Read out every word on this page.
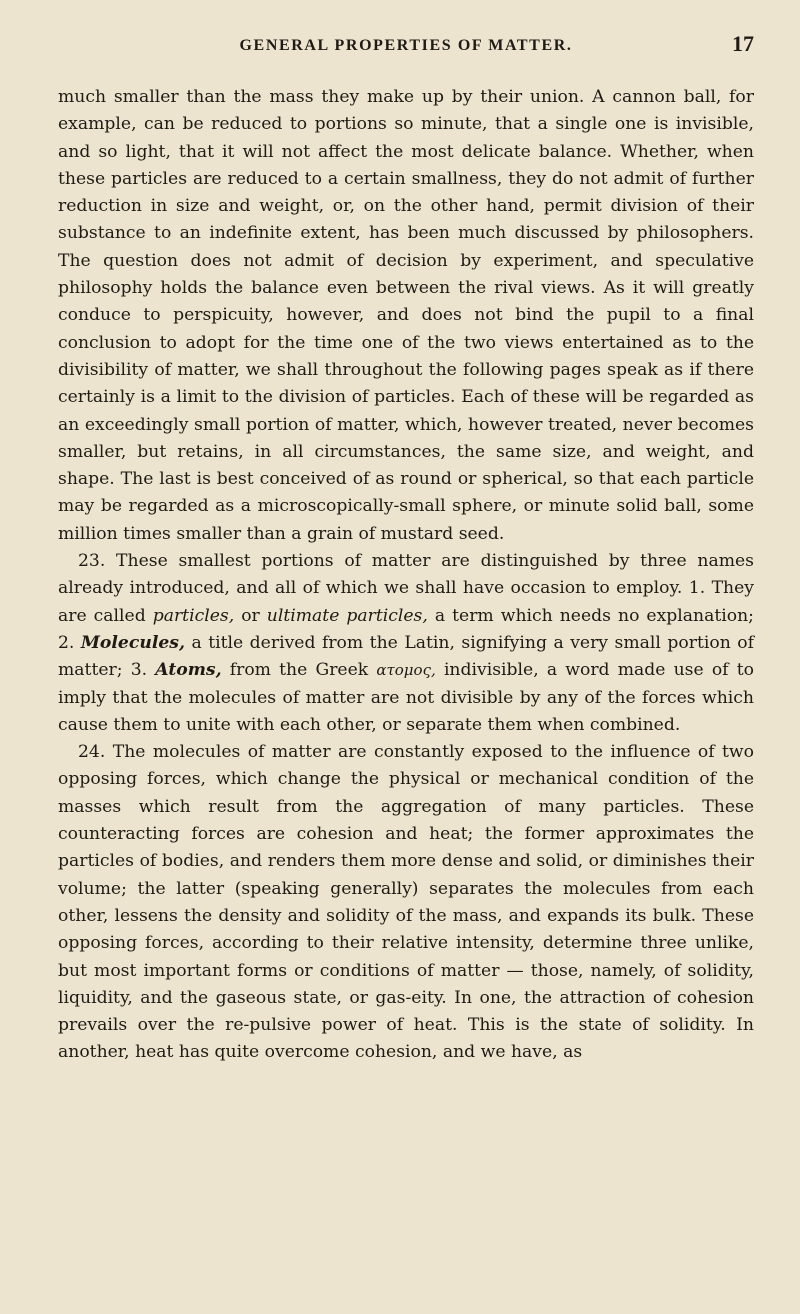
GENERAL PROPERTIES OF MATTER.	17

much smaller than the mass they make up by their union. A cannon ball, for example, can be reduced to portions so minute, that a single one is invisible, and so light, that it will not affect the most delicate balance. Whether, when these particles are reduced to a certain smallness, they do not admit of further reduction in size and weight, or, on the other hand, permit division of their substance to an indefinite extent, has been much discussed by philosophers. The question does not admit of decision by experiment, and speculative philosophy holds the balance even between the rival views. As it will greatly conduce to perspicuity, however, and does not bind the pupil to a final conclusion to adopt for the time one of the two views entertained as to the divisibility of matter, we shall throughout the following pages speak as if there certainly is a limit to the division of particles. Each of these will be regarded as an exceedingly small portion of matter, which, however treated, never becomes smaller, but retains, in all circumstances, the same size, and weight, and shape. The last is best conceived of as round or spherical, so that each particle may be regarded as a microscopically-small sphere, or minute solid ball, some million times smaller than a grain of mustard seed.

23. These smallest portions of matter are distinguished by three names already introduced, and all of which we shall have occasion to employ. 1. They are called particles, or ultimate particles, a term which needs no explanation; 2. Molecules, a title derived from the Latin, signifying a very small portion of matter; 3. Atoms, from the Greek ατομος, indivisible, a word made use of to imply that the molecules of matter are not divisible by any of the forces which cause them to unite with each other, or separate them when combined.

24. The molecules of matter are constantly exposed to the influence of two opposing forces, which change the physical or mechanical condition of the masses which result from the aggregation of many particles. These counteracting forces are cohesion and heat; the former approximates the particles of bodies, and renders them more dense and solid, or diminishes their volume; the latter (speaking generally) separates the molecules from each other, lessens the density and solidity of the mass, and expands its bulk. These opposing forces, according to their relative intensity, determine three unlike, but most important forms or conditions of matter — those, namely, of solidity, liquidity, and the gaseous state, or gas-eity. In one, the attraction of cohesion prevails over the re-pulsive power of heat. This is the state of solidity. In another, heat has quite overcome cohesion, and we have, as
